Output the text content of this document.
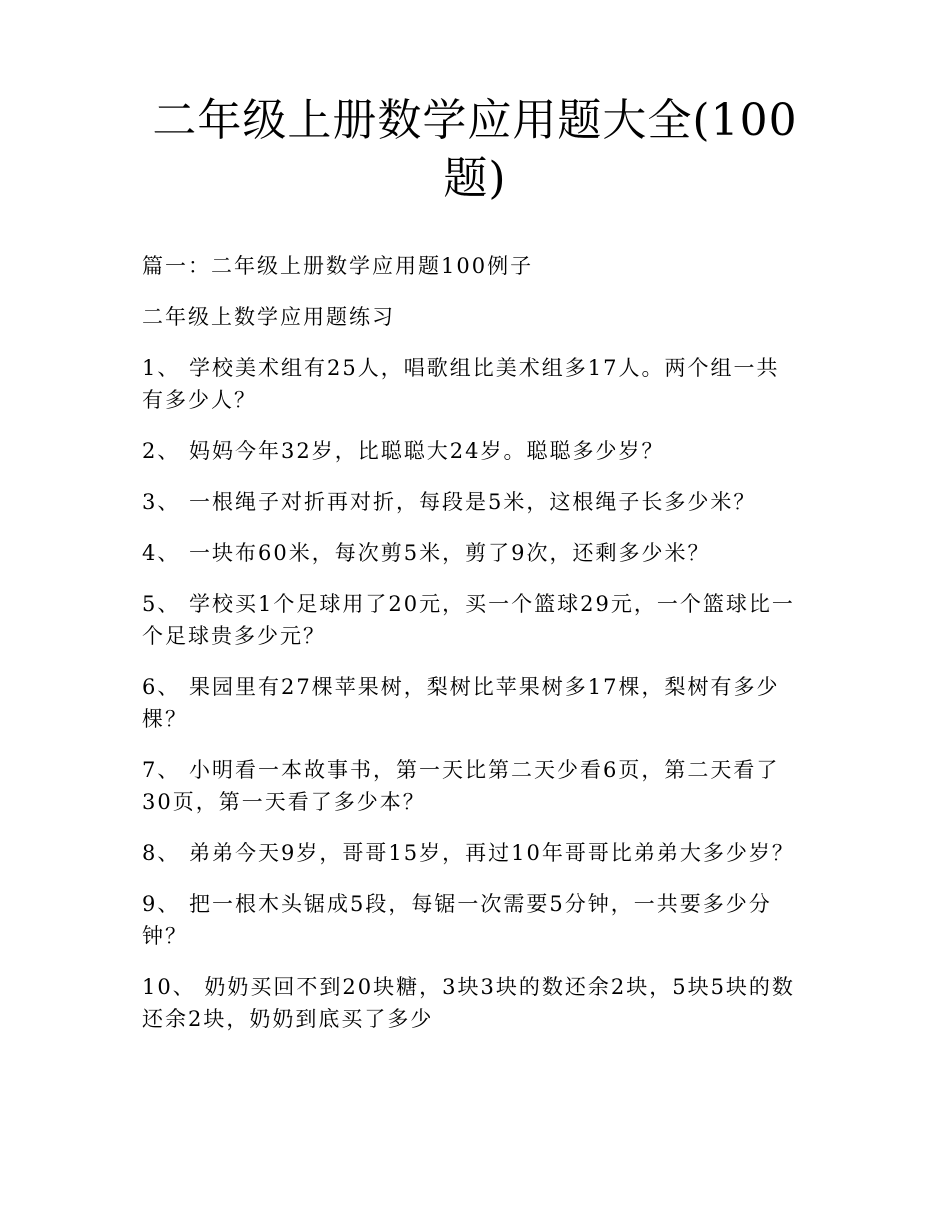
二年级上册数学应用题大全(100
题)

篇一：二年级上册数学应用题100例子

二年级上数学应用题练习

1、 学校美术组有25人，唱歌组比美术组多17人。两个组一共有多少人？

2、 妈妈今年32岁，比聪聪大24岁。聪聪多少岁？

3、 一根绳子对折再对折，每段是5米，这根绳子长多少米？

4、 一块布60米，每次剪5米，剪了9次，还剩多少米？

5、 学校买1个足球用了20元，买一个篮球29元，一个篮球比一个足球贵多少元？

6、 果园里有27棵苹果树，梨树比苹果树多17棵，梨树有多少棵？

7、 小明看一本故事书，第一天比第二天少看6页，第二天看了30页，第一天看了多少本？

8、 弟弟今天9岁，哥哥15岁，再过10年哥哥比弟弟大多少岁？

9、 把一根木头锯成5段，每锯一次需要5分钟，一共要多少分钟？

10、 奶奶买回不到20块糖，3块3块的数还余2块，5块5块的数还余2块，奶奶到底买了多少
